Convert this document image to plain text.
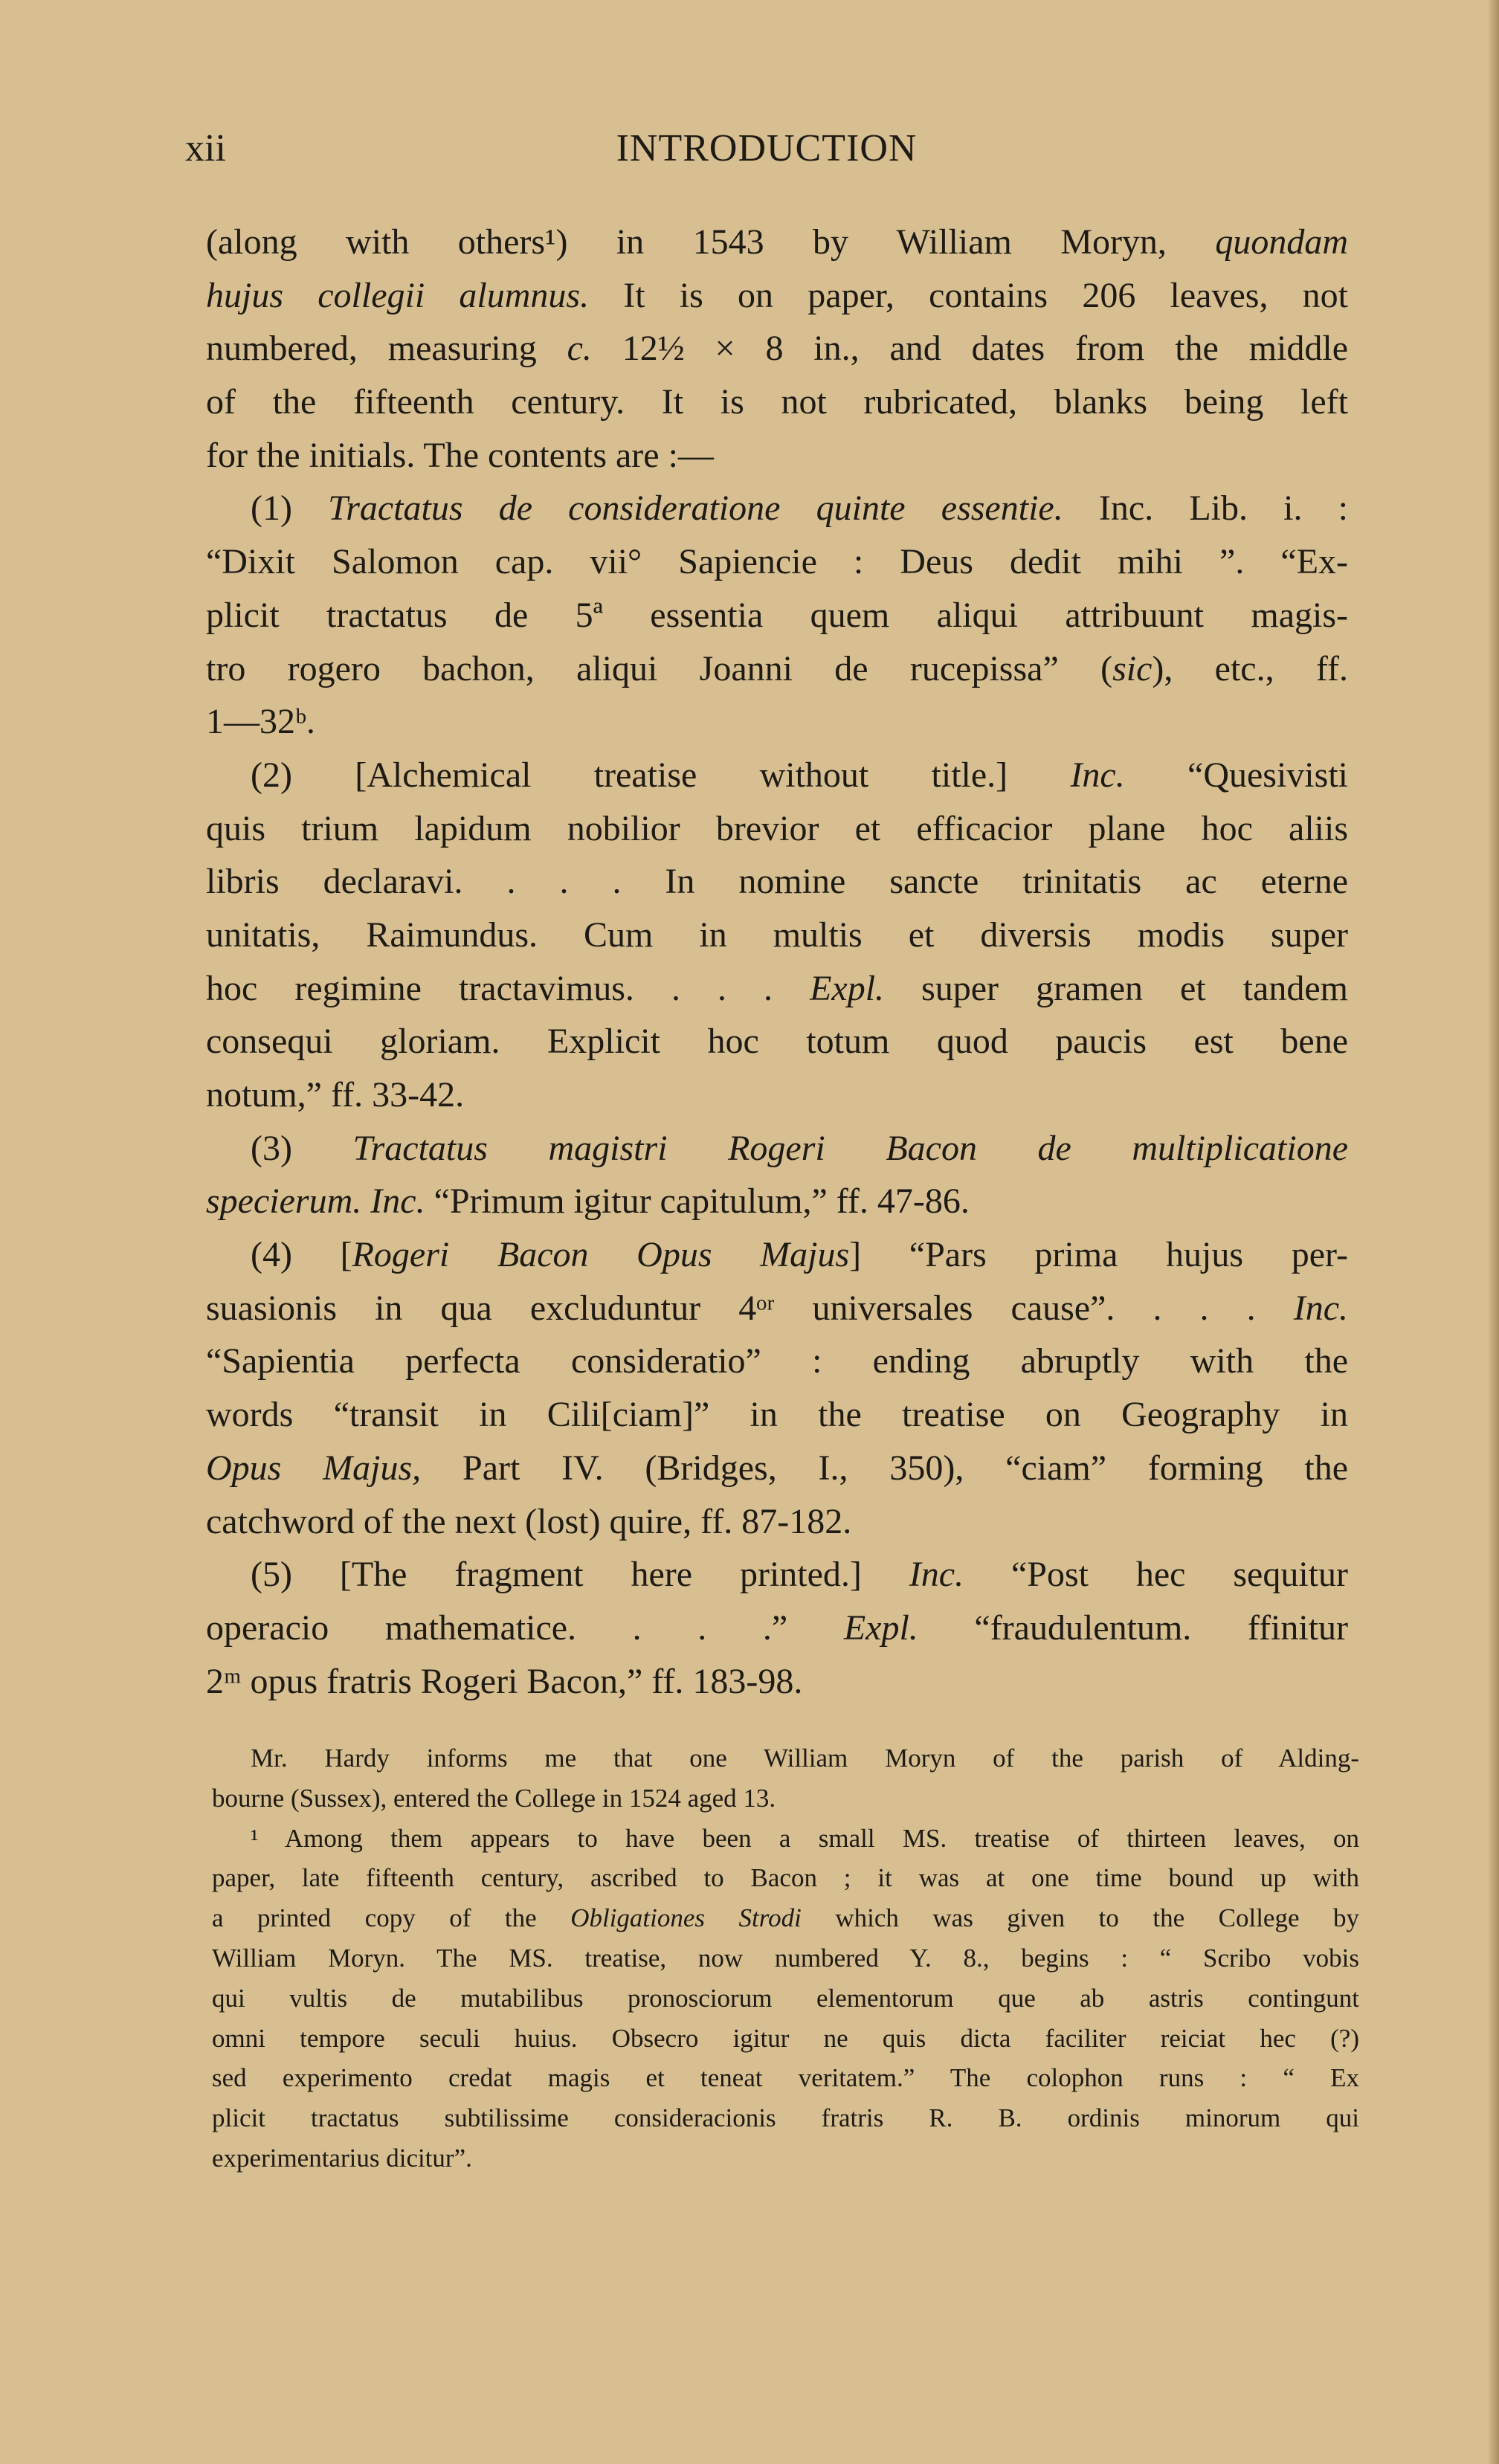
xii	INTRODUCTION
(along with others¹) in 1543 by William Moryn, quondam
hujus collegii alumnus. It is on paper, contains 206 leaves, not
numbered, measuring c. 12½ × 8 in., and dates from the middle
of the fifteenth century. It is not rubricated, blanks being left
for the initials. The contents are :—
(1) Tractatus de consideratione quinte essentie. Inc. Lib. i. :
“Dixit Salomon cap. vii° Sapiencie : Deus dedit mihi ”. “Ex-
plicit tractatus de 5ª essentia quem aliqui attribuunt magis-
tro rogero bachon, aliqui Joanni de rucepissa” (sic), etc., ff.
1—32ᵇ.
(2) [Alchemical treatise without title.] Inc. “Quesivisti
quis trium lapidum nobilior brevior et efficacior plane hoc aliis
libris declaravi. . . . In nomine sancte trinitatis ac eterne
unitatis, Raimundus. Cum in multis et diversis modis super
hoc regimine tractavimus. . . . Expl. super gramen et tandem
consequi gloriam. Explicit hoc totum quod paucis est bene
notum,” ff. 33-42.
(3) Tractatus magistri Rogeri Bacon de multiplicatione
specierum. Inc. “Primum igitur capitulum,” ff. 47-86.
(4) [Rogeri Bacon Opus Majus] “Pars prima hujus per-
suasionis in qua excluduntur 4ᵒʳ universales cause”. . . . Inc.
“Sapientia perfecta consideratio” : ending abruptly with the
words “transit in Cili[ciam]” in the treatise on Geography in
Opus Majus, Part IV. (Bridges, I., 350), “ciam” forming the
catchword of the next (lost) quire, ff. 87-182.
(5) [The fragment here printed.] Inc. “Post hec sequitur
operacio mathematice. . . .” Expl. “fraudulentum. ffinitur
2ᵐ opus fratris Rogeri Bacon,” ff. 183-98.
Mr. Hardy informs me that one William Moryn of the parish of Alding-
bourne (Sussex), entered the College in 1524 aged 13.
¹ Among them appears to have been a small MS. treatise of thirteen leaves, on
paper, late fifteenth century, ascribed to Bacon ; it was at one time bound up with
a printed copy of the Obligationes Strodi which was given to the College by
William Moryn. The MS. treatise, now numbered Y. 8., begins : “ Scribo vobis
qui vultis de mutabilibus pronosciorum elementorum que ab astris contingunt
omni tempore seculi huius. Obsecro igitur ne quis dicta faciliter reiciat hec (?)
sed experimento credat magis et teneat veritatem.” The colophon runs : “ Ex
plicit tractatus subtilissime consideracionis fratris R. B. ordinis minorum qui
experimentarius dicitur”.
